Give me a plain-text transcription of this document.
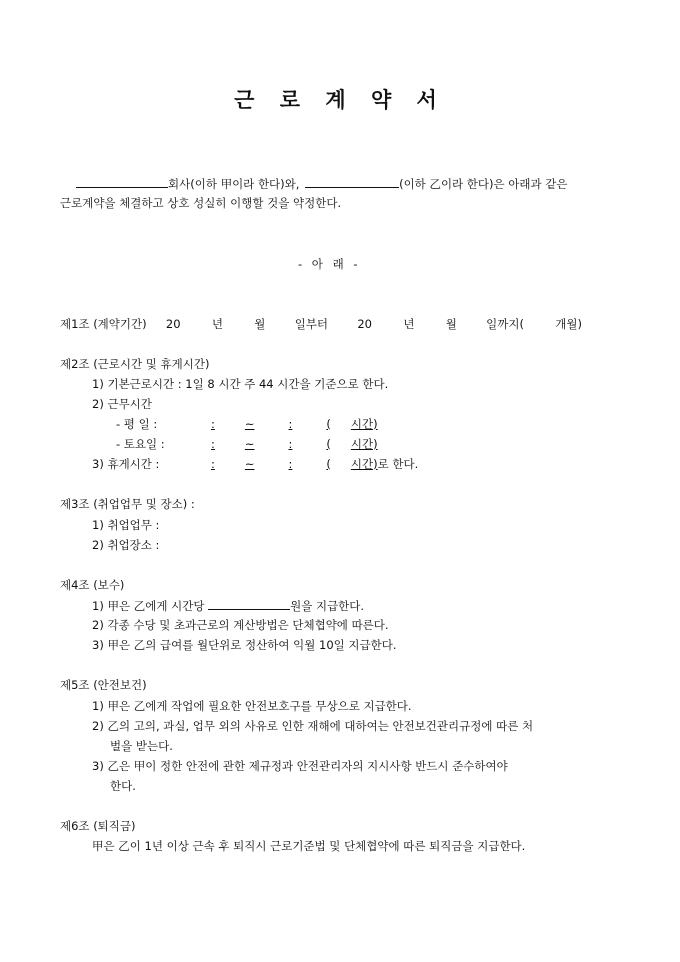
근 로 계 약 서
회사(이하 甲이라 한다)와,	(이하 乙이라 한다)은 아래과 같은
근로계약을 체결하고 상호 성실히 이행할 것을 약정한다.
- 아 래 -
제1조 (계약기간) 20	년	월	일부터	20	년	월	일까지(	개월)
제2조 (근로시간 및 휴게시간)
1) 기본근로시간 : 1일 8 시간 주 44 시간을 기준으로 한다.
2) 근무시간
- 평 일 :	:	~	:	( 시간)
- 토요일 :	:	~	:	( 시간)
3) 휴게시간 :	:	~	:	( 시간)로 한다.
제3조 (취업업무 및 장소) :
1) 취업업무 :
2) 취업장소 :
제4조 (보수)
1) 甲은 乙에게 시간당	원을 지급한다.
2) 각종 수당 및 초과근로의 계산방법은 단체협약에 따른다.
3) 甲은 乙의 급여를 월단위로 정산하여 익월 10일 지급한다.
제5조 (안전보건)
1) 甲은 乙에게 작업에 필요한 안전보호구를 무상으로 지급한다.
2) 乙의 고의, 과실, 업무 외의 사유로 인한 재해에 대하여는 안전보건관리규정에 따른 처
벌을 받는다.
3) 乙은 甲이 정한 안전에 관한 제규정과 안전관리자의 지시사항 반드시 준수하여야
한다.
제6조 (퇴직금)
甲은 乙이 1년 이상 근속 후 퇴직시 근로기준법 및 단체협약에 따른 퇴직금을 지급한다.
